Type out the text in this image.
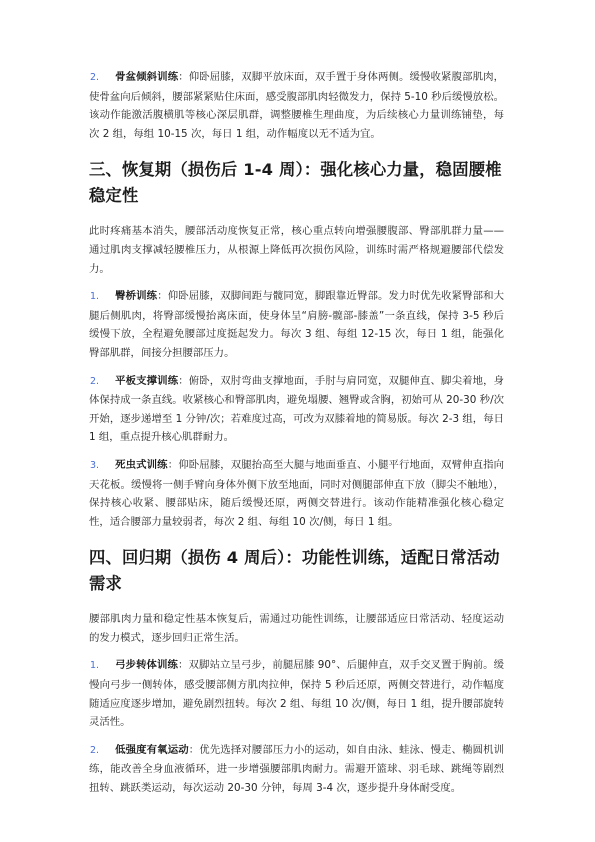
2. 骨盆倾斜训练：仰卧屈膝，双脚平放床面，双手置于身体两侧。缓慢收紧腹部肌肉，使骨盆向后倾斜，腰部紧紧贴住床面，感受腹部肌肉轻微发力，保持 5-10 秒后缓慢放松。该动作能激活腹横肌等核心深层肌群，调整腰椎生理曲度，为后续核心力量训练铺垫，每次 2 组，每组 10-15 次，每日 1 组，动作幅度以无不适为宜。

三、恢复期（损伤后 1-4 周）：强化核心力量，稳固腰椎稳定性

此时疼痛基本消失，腰部活动度恢复正常，核心重点转向增强腰腹部、臀部肌群力量——通过肌肉支撑减轻腰椎压力，从根源上降低再次损伤风险，训练时需严格规避腰部代偿发力。

1. 臀桥训练：仰卧屈膝，双脚间距与髋同宽，脚跟靠近臀部。发力时优先收紧臀部和大腿后侧肌肉，将臀部缓慢抬离床面，使身体呈“肩膀-髋部-膝盖”一条直线，保持 3-5 秒后缓慢下放，全程避免腰部过度挺起发力。每次 3 组、每组 12-15 次，每日 1 组，能强化臀部肌群，间接分担腰部压力。

2. 平板支撑训练：俯卧，双肘弯曲支撑地面，手肘与肩同宽，双腿伸直、脚尖着地，身体保持成一条直线。收紧核心和臀部肌肉，避免塌腰、翘臀或含胸，初始可从 20-30 秒/次开始，逐步递增至 1 分钟/次；若难度过高，可改为双膝着地的简易版。每次 2-3 组，每日 1 组，重点提升核心肌群耐力。

3. 死虫式训练：仰卧屈膝，双腿抬高至大腿与地面垂直、小腿平行地面，双臂伸直指向天花板。缓慢将一侧手臂向身体外侧下放至地面，同时对侧腿部伸直下放（脚尖不触地），保持核心收紧、腰部贴床，随后缓慢还原，两侧交替进行。该动作能精准强化核心稳定性，适合腰部力量较弱者，每次 2 组、每组 10 次/侧，每日 1 组。

四、回归期（损伤 4 周后）：功能性训练，适配日常活动需求

腰部肌肉力量和稳定性基本恢复后，需通过功能性训练，让腰部适应日常活动、轻度运动的发力模式，逐步回归正常生活。

1. 弓步转体训练：双脚站立呈弓步，前腿屈膝 90°、后腿伸直，双手交叉置于胸前。缓慢向弓步一侧转体，感受腰部侧方肌肉拉伸，保持 5 秒后还原，两侧交替进行，动作幅度随适应度逐步增加，避免剧烈扭转。每次 2 组、每组 10 次/侧，每日 1 组，提升腰部旋转灵活性。

2. 低强度有氧运动：优先选择对腰部压力小的运动，如自由泳、蛙泳、慢走、椭圆机训练，能改善全身血液循环，进一步增强腰部肌肉耐力。需避开篮球、羽毛球、跳绳等剧烈扭转、跳跃类运动，每次运动 20-30 分钟，每周 3-4 次，逐步提升身体耐受度。
